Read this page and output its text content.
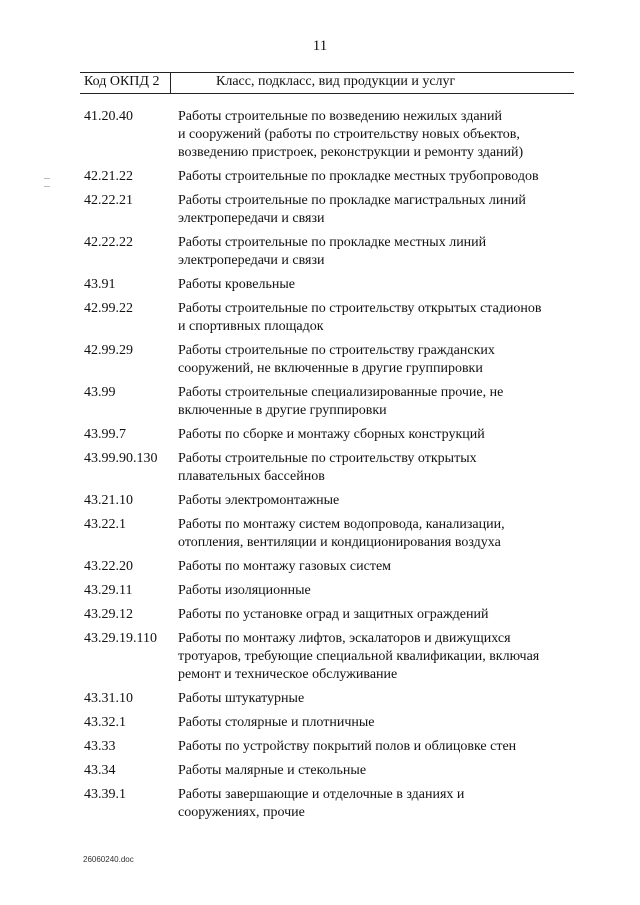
11
Код ОКПД 2	Класс, подкласс, вид продукции и услуг
41.20.40	Работы строительные по возведению нежилых зданий
и сооружений (работы по строительству новых объектов,
возведению пристроек, реконструкции и ремонту зданий)
42.21.22	Работы строительные по прокладке местных трубопроводов
42.22.21	Работы строительные по прокладке магистральных линий
электропередачи и связи
42.22.22	Работы строительные по прокладке местных линий
электропередачи и связи
43.91	Работы кровельные
42.99.22	Работы строительные по строительству открытых стадионов
и спортивных площадок
42.99.29	Работы строительные по строительству гражданских
сооружений, не включенные в другие группировки
43.99	Работы строительные специализированные прочие, не
включенные в другие группировки
43.99.7	Работы по сборке и монтажу сборных конструкций
43.99.90.130	Работы строительные по строительству открытых
плавательных бассейнов
43.21.10	Работы электромонтажные
43.22.1	Работы по монтажу систем водопровода, канализации,
отопления, вентиляции и кондиционирования воздуха
43.22.20	Работы по монтажу газовых систем
43.29.11	Работы изоляционные
43.29.12	Работы по установке оград и защитных ограждений
43.29.19.110	Работы по монтажу лифтов, эскалаторов и движущихся
тротуаров, требующие специальной квалификации, включая
ремонт и техническое обслуживание
43.31.10	Работы штукатурные
43.32.1	Работы столярные и плотничные
43.33	Работы по устройству покрытий полов и облицовке стен
43.34	Работы малярные и стекольные
43.39.1	Работы завершающие и отделочные в зданиях и
сооружениях, прочие
26060240.doc
